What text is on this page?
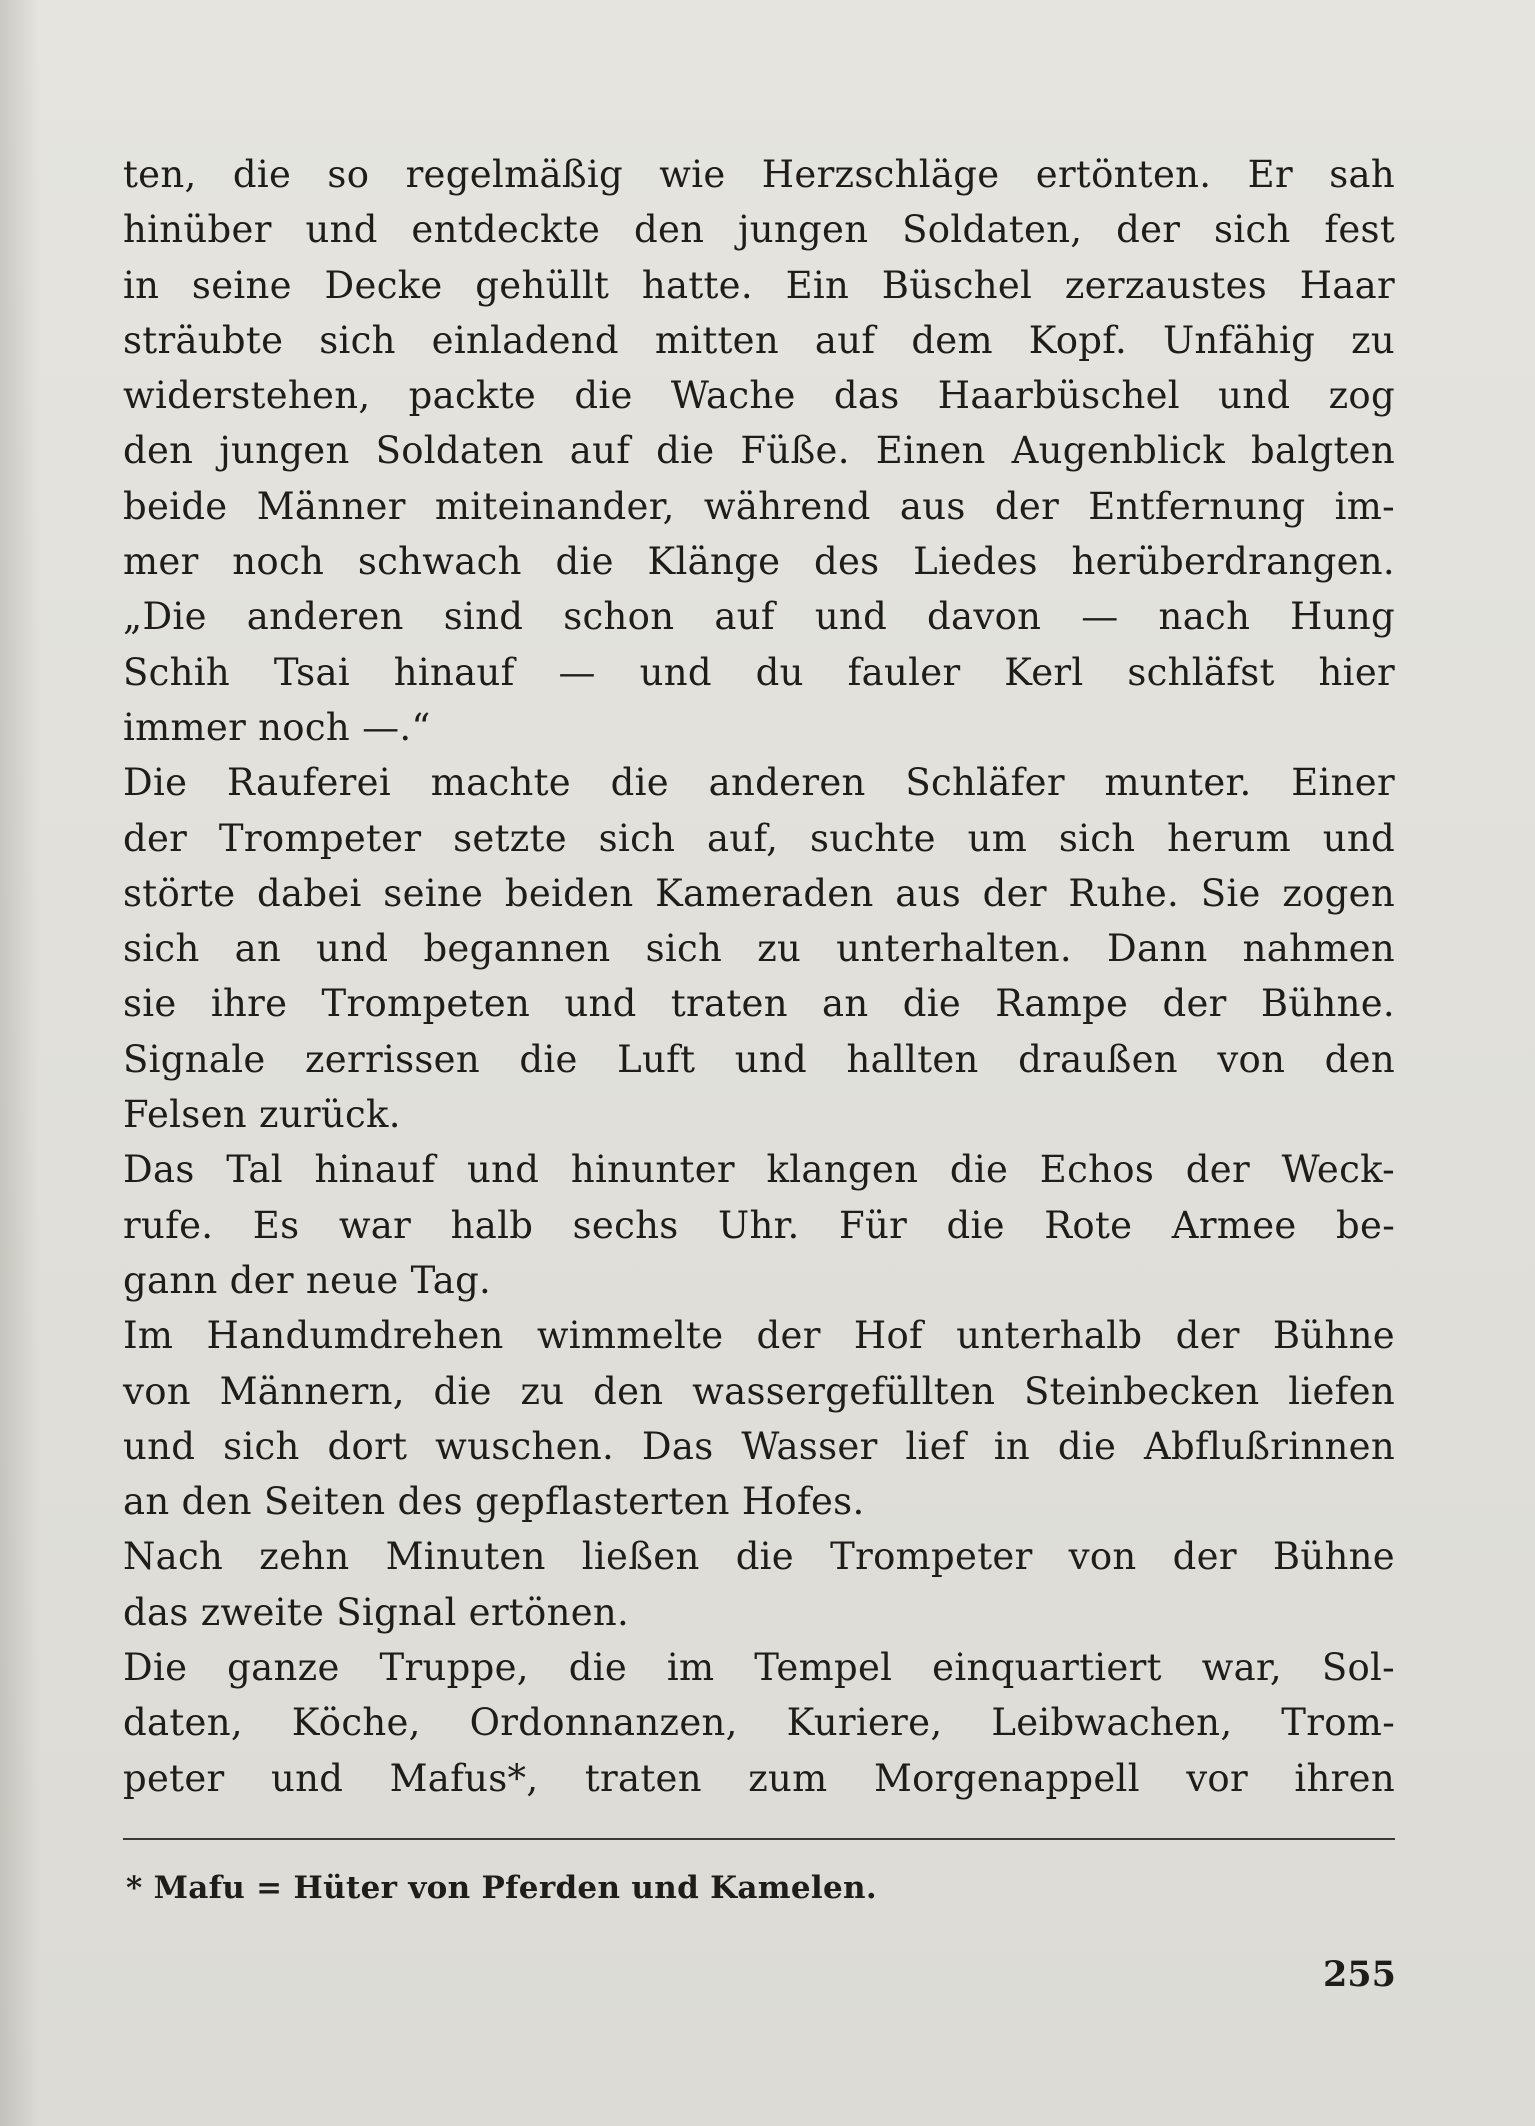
ten, die so regelmäßig wie Herzschläge ertönten. Er sah
hinüber und entdeckte den jungen Soldaten, der sich fest
in seine Decke gehüllt hatte. Ein Büschel zerzaustes Haar
sträubte sich einladend mitten auf dem Kopf. Unfähig zu
widerstehen, packte die Wache das Haarbüschel und zog
den jungen Soldaten auf die Füße. Einen Augenblick balgten
beide Männer miteinander, während aus der Entfernung im-
mer noch schwach die Klänge des Liedes herüberdrangen.
„Die anderen sind schon auf und davon — nach Hung
Schih Tsai hinauf — und du fauler Kerl schläfst hier
immer noch —.“
Die Rauferei machte die anderen Schläfer munter. Einer
der Trompeter setzte sich auf, suchte um sich herum und
störte dabei seine beiden Kameraden aus der Ruhe. Sie zogen
sich an und begannen sich zu unterhalten. Dann nahmen
sie ihre Trompeten und traten an die Rampe der Bühne.
Signale zerrissen die Luft und hallten draußen von den
Felsen zurück.
Das Tal hinauf und hinunter klangen die Echos der Weck-
rufe. Es war halb sechs Uhr. Für die Rote Armee be-
gann der neue Tag.
Im Handumdrehen wimmelte der Hof unterhalb der Bühne
von Männern, die zu den wassergefüllten Steinbecken liefen
und sich dort wuschen. Das Wasser lief in die Abflußrinnen
an den Seiten des gepflasterten Hofes.
Nach zehn Minuten ließen die Trompeter von der Bühne
das zweite Signal ertönen.
Die ganze Truppe, die im Tempel einquartiert war, Sol-
daten, Köche, Ordonnanzen, Kuriere, Leibwachen, Trom-
peter und Mafus*, traten zum Morgenappell vor ihren
* Mafu = Hüter von Pferden und Kamelen.
255
